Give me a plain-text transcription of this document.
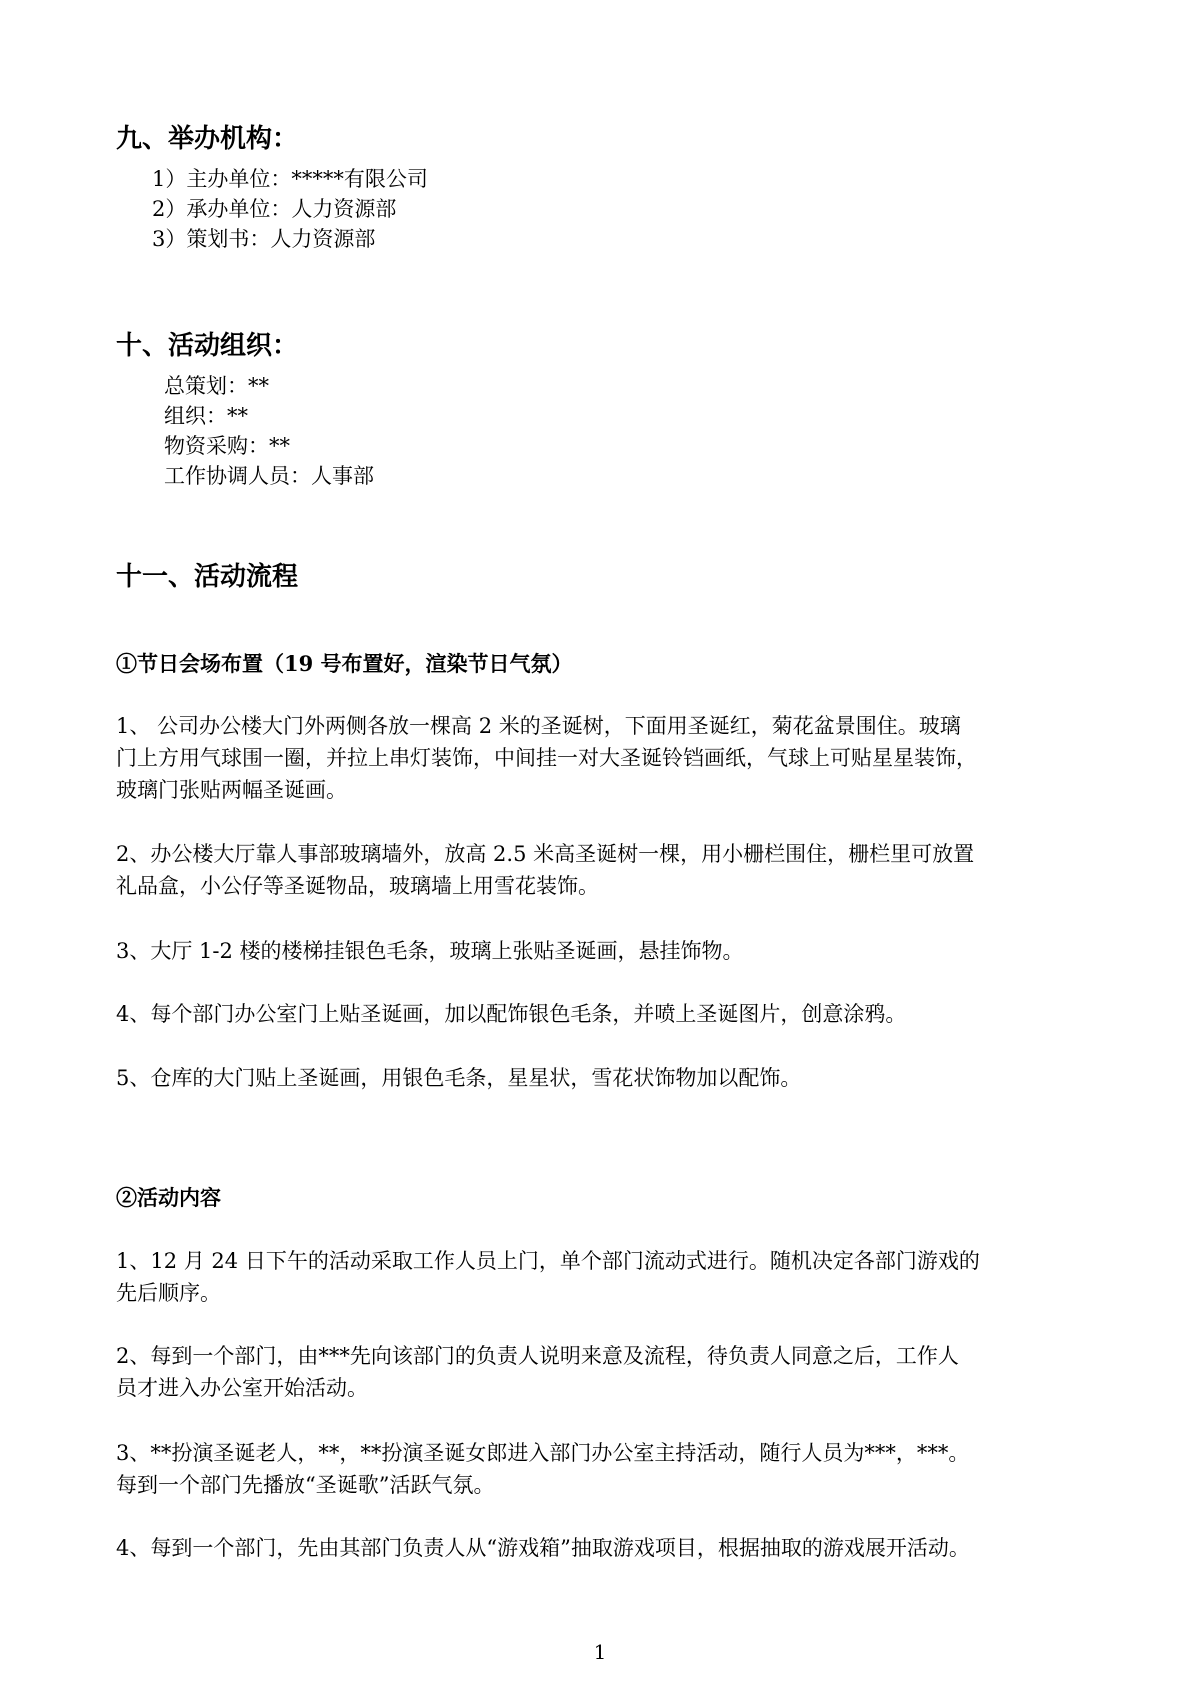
九、举办机构：

1）主办单位：*****有限公司

2）承办单位：人力资源部

3）策划书：人力资源部

十、活动组织：

总策划：**

组织：**

物资采购：**

工作协调人员：人事部

十一、活动流程

①节日会场布置（19 号布置好，渲染节日气氛）

1、 公司办公楼大门外两侧各放一棵高 2 米的圣诞树，下面用圣诞红，菊花盆景围住。玻璃
门上方用气球围一圈，并拉上串灯装饰，中间挂一对大圣诞铃铛画纸，气球上可贴星星装饰，
玻璃门张贴两幅圣诞画。
2、办公楼大厅靠人事部玻璃墙外，放高 2.5 米高圣诞树一棵，用小栅栏围住，栅栏里可放置
礼品盒，小公仔等圣诞物品，玻璃墙上用雪花装饰。
3、大厅 1-2 楼的楼梯挂银色毛条，玻璃上张贴圣诞画，悬挂饰物。
4、每个部门办公室门上贴圣诞画，加以配饰银色毛条，并喷上圣诞图片，创意涂鸦。
5、仓库的大门贴上圣诞画，用银色毛条，星星状，雪花状饰物加以配饰。

②活动内容

1、12 月 24 日下午的活动采取工作人员上门，单个部门流动式进行。随机决定各部门游戏的
先后顺序。
2、每到一个部门，由***先向该部门的负责人说明来意及流程，待负责人同意之后，工作人
员才进入办公室开始活动。
3、**扮演圣诞老人，**，**扮演圣诞女郎进入部门办公室主持活动，随行人员为***，***。
每到一个部门先播放“圣诞歌”活跃气氛。
4、每到一个部门，先由其部门负责人从“游戏箱”抽取游戏项目，根据抽取的游戏展开活动。
1
